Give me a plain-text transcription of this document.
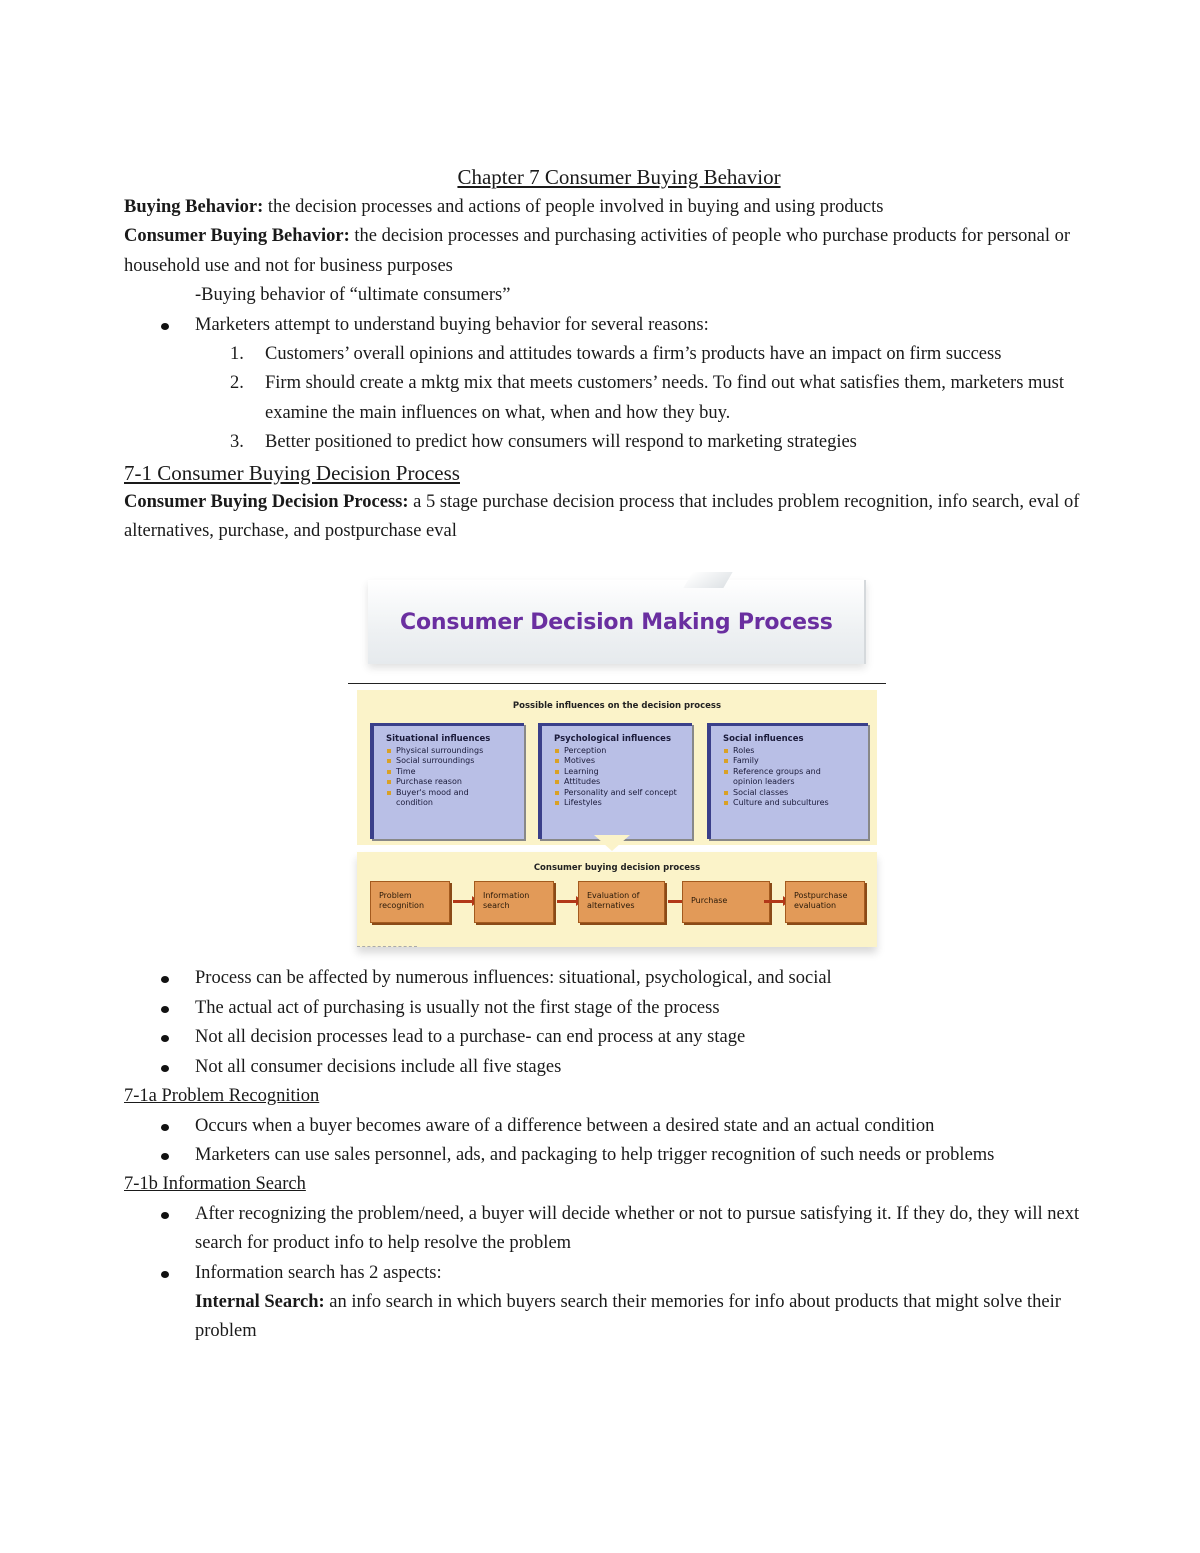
Chapter 7 Consumer Buying Behavior

Buying Behavior: the decision processes and actions of people involved in buying and using products

Consumer Buying Behavior: the decision processes and purchasing activities of people who purchase products for personal or household use and not for business purposes

-Buying behavior of “ultimate consumers”

Marketers attempt to understand buying behavior for several reasons:

1. Customers’ overall opinions and attitudes towards a firm’s products have an impact on firm success

2. Firm should create a mktg mix that meets customers’ needs. To find out what satisfies them, marketers must examine the main influences on what, when and how they buy.

3. Better positioned to predict how consumers will respond to marketing strategies

7-1 Consumer Buying Decision Process

Consumer Buying Decision Process: a 5 stage purchase decision process that includes problem recognition, info search, eval of alternatives, purchase, and postpurchase eval

Process can be affected by numerous influences: situational, psychological, and social

The actual act of purchasing is usually not the first stage of the process

Not all decision processes lead to a purchase- can end process at any stage

Not all consumer decisions include all five stages

7-1a Problem Recognition

Occurs when a buyer becomes aware of a difference between a desired state and an actual condition

Marketers can use sales personnel, ads, and packaging to help trigger recognition of such needs or problems

7-1b Information Search

After recognizing the problem/need, a buyer will decide whether or not to pursue satisfying it. If they do, they will next search for product info to help resolve the problem

Information search has 2 aspects:

Internal Search: an info search in which buyers search their memories for info about products that might solve their problem

Consumer Decision Making Process
Possible influences on the decision process
Situational influences
Physical surroundings
Social surroundings
Time
Purchase reason
Buyer's mood and condition
Psychological influences
Perception
Motives
Learning
Attitudes
Personality and self concept
Lifestyles
Social influences
Roles
Family
Reference groups and opinion leaders
Social classes
Culture and subcultures
Consumer buying decision process
Problem recognition
Information search
Evaluation of alternatives
Purchase
Postpurchase evaluation
